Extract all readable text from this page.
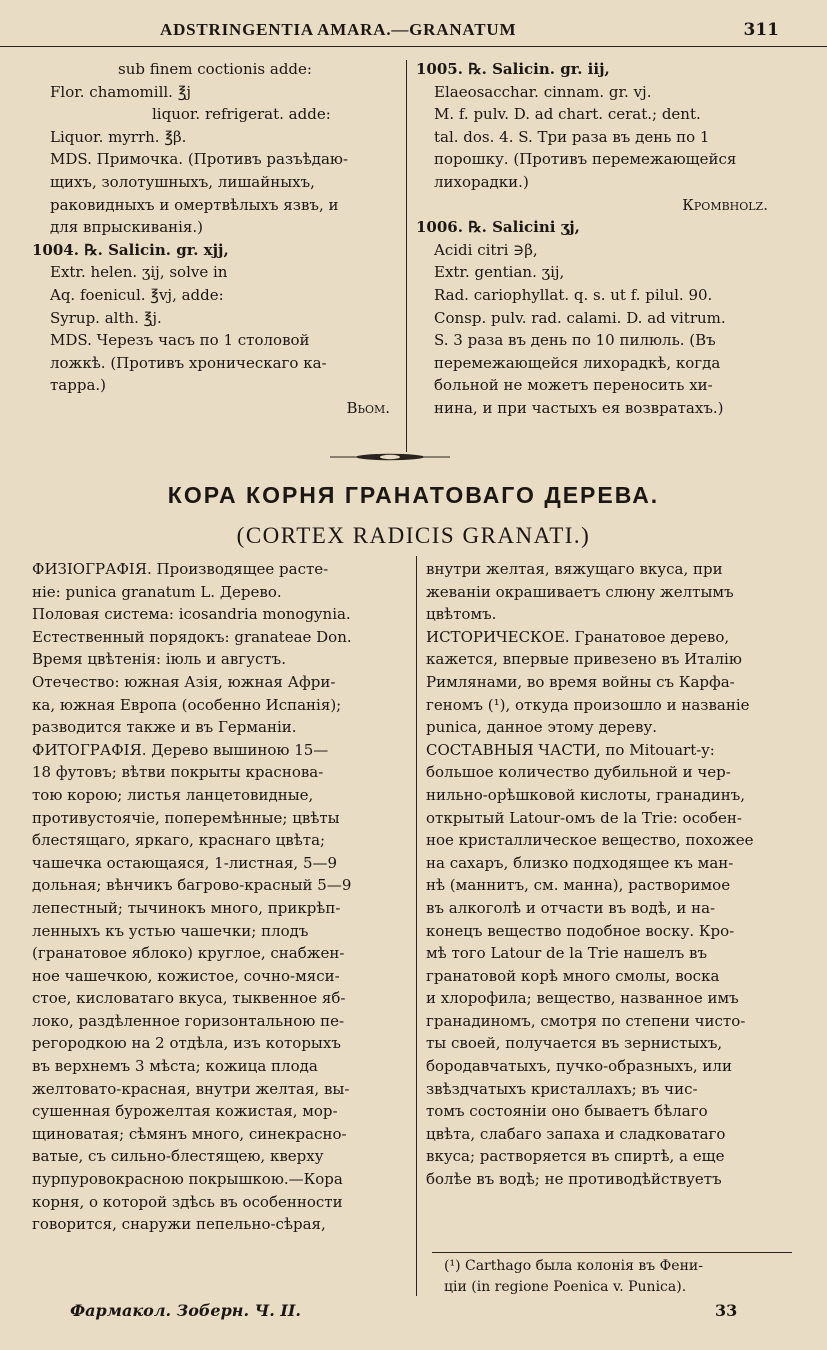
ADSTRINGENTIA AMARA.—GRANATUM	311

sub finem coctionis adde:

Flor. chamomill. ℥j

liquor. refrigerat. adde:

Liquor. myrrh. ℥β.

MDS. Примочка. (Противъ разъѣдаю-

щихъ, золотушныхъ, лишайныхъ,

раковидныхъ и омертвѣлыхъ язвъ, и

для впрыскиванія.)

1004. ℞. Salicin. gr. xjj,

Extr. helen. ʒij, solve in

Aq. foenicul. ℥vj, adde:

Syrup. alth. ℥j.

MDS. Черезъ часъ по 1 столовой

ложкѣ. (Противъ хроническаго ка-

тарра.)

Вьом.

1005. ℞. Salicin. gr. iij,

Elaeosacchar. cinnam. gr. vj.

M. f. pulv. D. ad chart. cerat.; dent.

tal. dos. 4. S. Три раза въ день по 1

порошку. (Противъ перемежающейся

лихорадки.)

Кромвноlz.

1006. ℞. Salicini ʒj,

Acidi citri ∋β,

Extr. gentian. ʒij,

Rad. cariophyllat. q. s. ut f. pilul. 90.

Consp. pulv. rad. calami. D. ad vitrum.

S. 3 раза въ день по 10 пилюль. (Въ

перемежающейся лихорадкѣ, когда

больной не можетъ переносить хи-

нина, и при частыхъ ея возвратахъ.)

КОРА КОРНЯ ГРАНАТОВАГО ДЕРЕВА.
(CORTEX RADICIS GRANATI.)

ФИЗІОГРАФІЯ. Производящее расте-

ніе: punica granatum L. Дерево.

Половая система: icosandria monogynia.

Естественный порядокъ: granateae Don.

Время цвѣтенія: іюль и августъ.

Отечество: южная Азія, южная Афри-

ка, южная Европа (особенно Испанія);

разводится также и въ Германіи.

ФИТОГРАФІЯ. Дерево вышиною 15—

18 футовъ; вѣтви покрыты краснова-

тою корою; листья ланцетовидные,

противустоячіе, поперемѣнные; цвѣты

блестящаго, яркаго, краснаго цвѣта;

чашечка остающаяся, 1-листная, 5—9

дольная; вѣнчикъ багрово-красный 5—9

лепестный; тычинокъ много, прикрѣп-

ленныхъ къ устью чашечки; плодъ

(гранатовое яблоко) круглое, снабжен-

ное чашечкою, кожистое, сочно-мяси-

стое, кисловатаго вкуса, тыквенное яб-

локо, раздѣленное горизонтальною пе-

регородкою на 2 отдѣла, изъ которыхъ

въ верхнемъ 3 мѣста; кожица плода

желтовато-красная, внутри желтая, вы-

сушенная бурожелтая кожистая, мор-

щиноватая; сѣмянъ много, синекрасно-

ватые, съ сильно-блестящею, кверху

пурпуровокрасною покрышкою.—Кора

корня, о которой здѣсь въ особенности

говорится, снаружи пепельно-сѣрая,

внутри желтая, вяжущаго вкуса, при

жеваніи окрашиваетъ слюну желтымъ

цвѣтомъ.

ИСТОРИЧЕСКОЕ. Гранатовое дерево,

кажется, впервые привезено въ Италію

Римлянами, во время войны съ Карфа-

геномъ (¹), откуда произошло и названіе

punica, данное этому дереву.

СОСТАВНЫЯ ЧАСТИ, по Mitouart-y:

большое количество дубильной и чер-

нильно-орѣшковой кислоты, гранадинъ,

открытый Latour-омъ de la Trie: особен-

ное кристаллическое вещество, похожее

на сахаръ, близко подходящее къ ман-

нѣ (маннитъ, см. манна), растворимое

въ алкоголѣ и отчасти въ водѣ, и на-

конецъ вещество подобное воску. Кро-

мѣ того Latour de la Trie нашелъ въ

гранатовой корѣ много смолы, воска

и хлорофила; вещество, названное имъ

гранадиномъ, смотря по степени чисто-

ты своей, получается въ зернистыхъ,

бородавчатыхъ, пучко-образныхъ, или

звѣздчатыхъ кристаллахъ; въ чис-

томъ состояніи оно бываетъ бѣлаго

цвѣта, слабаго запаха и сладковатаго

вкуса; растворяется въ спиртѣ, а еще

болѣе въ водѣ; не противодѣйствуетъ

(¹) Carthago была колонія въ Фени-

ціи (in regione Poenica v. Punica).

Фармакол. Зоберн. Ч. II.	33
